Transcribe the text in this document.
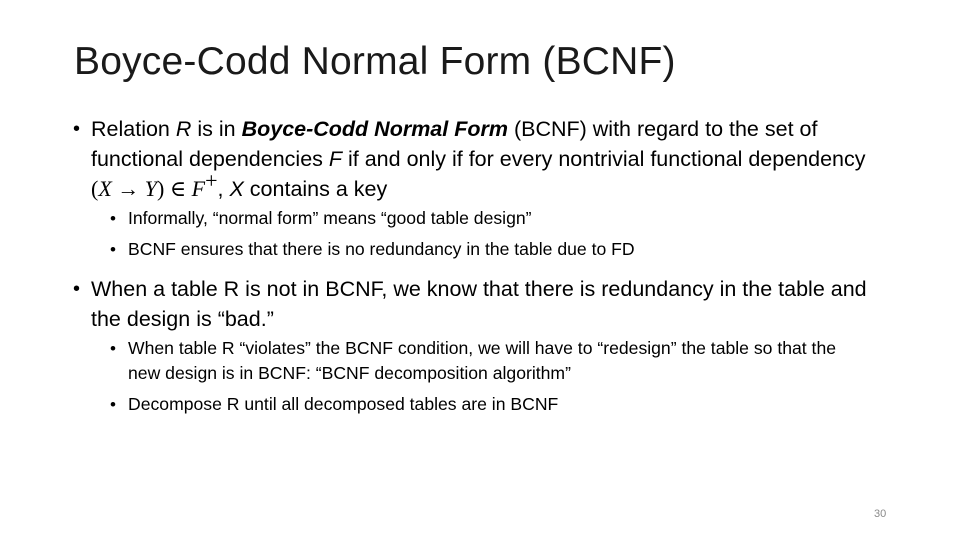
Boyce-Codd Normal Form (BCNF)
• Relation R is in Boyce-Codd Normal Form (BCNF) with regard to the set of functional dependencies F if and only if for every nontrivial functional dependency (X → Y) ∈ F+, X contains a key
• Informally, “normal form” means “good table design”
• BCNF ensures that there is no redundancy in the table due to FD
• When a table R is not in BCNF, we know that there is redundancy in the table and the design is “bad.”
• When table R “violates” the BCNF condition, we will have to “redesign” the table so that the new design is in BCNF: “BCNF decomposition algorithm”
• Decompose R until all decomposed tables are in BCNF
30
